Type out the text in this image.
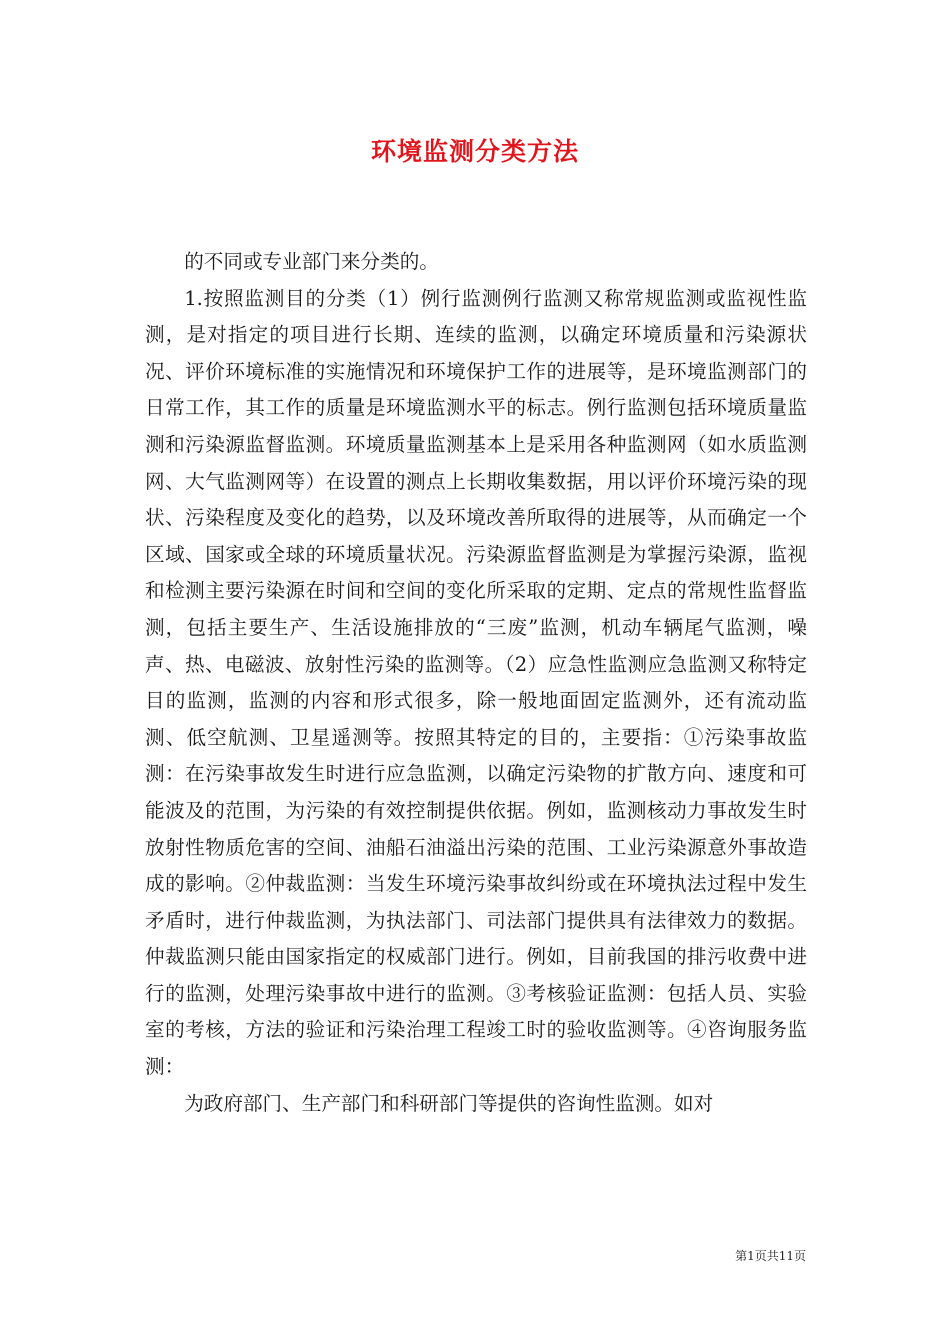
环境监测分类方法

的不同或专业部门来分类的。

1.按照监测目的分类（1）例行监测例行监测又称常规监测或监视性监测，是对指定的项目进行长期、连续的监测，以确定环境质量和污染源状况、评价环境标准的实施情况和环境保护工作的进展等，是环境监测部门的日常工作，其工作的质量是环境监测水平的标志。例行监测包括环境质量监测和污染源监督监测。环境质量监测基本上是采用各种监测网（如水质监测网、大气监测网等）在设置的测点上长期收集数据，用以评价环境污染的现状、污染程度及变化的趋势，以及环境改善所取得的进展等，从而确定一个区域、国家或全球的环境质量状况。污染源监督监测是为掌握污染源，监视和检测主要污染源在时间和空间的变化所采取的定期、定点的常规性监督监测，包括主要生产、生活设施排放的“三废”监测，机动车辆尾气监测，噪声、热、电磁波、放射性污染的监测等。（2）应急性监测应急监测又称特定目的监测，监测的内容和形式很多，除一般地面固定监测外，还有流动监测、低空航测、卫星遥测等。按照其特定的目的，主要指：①污染事故监测：在污染事故发生时进行应急监测，以确定污染物的扩散方向、速度和可能波及的范围，为污染的有效控制提供依据。例如，监测核动力事故发生时放射性物质危害的空间、油船石油溢出污染的范围、工业污染源意外事故造成的影响。②仲裁监测：当发生环境污染事故纠纷或在环境执法过程中发生矛盾时，进行仲裁监测，为执法部门、司法部门提供具有法律效力的数据。仲裁监测只能由国家指定的权威部门进行。例如，目前我国的排污收费中进行的监测，处理污染事故中进行的监测。③考核验证监测：包括人员、实验室的考核，方法的验证和污染治理工程竣工时的验收监测等。④咨询服务监测：

为政府部门、生产部门和科研部门等提供的咨询性监测。如对

第1页共11页
